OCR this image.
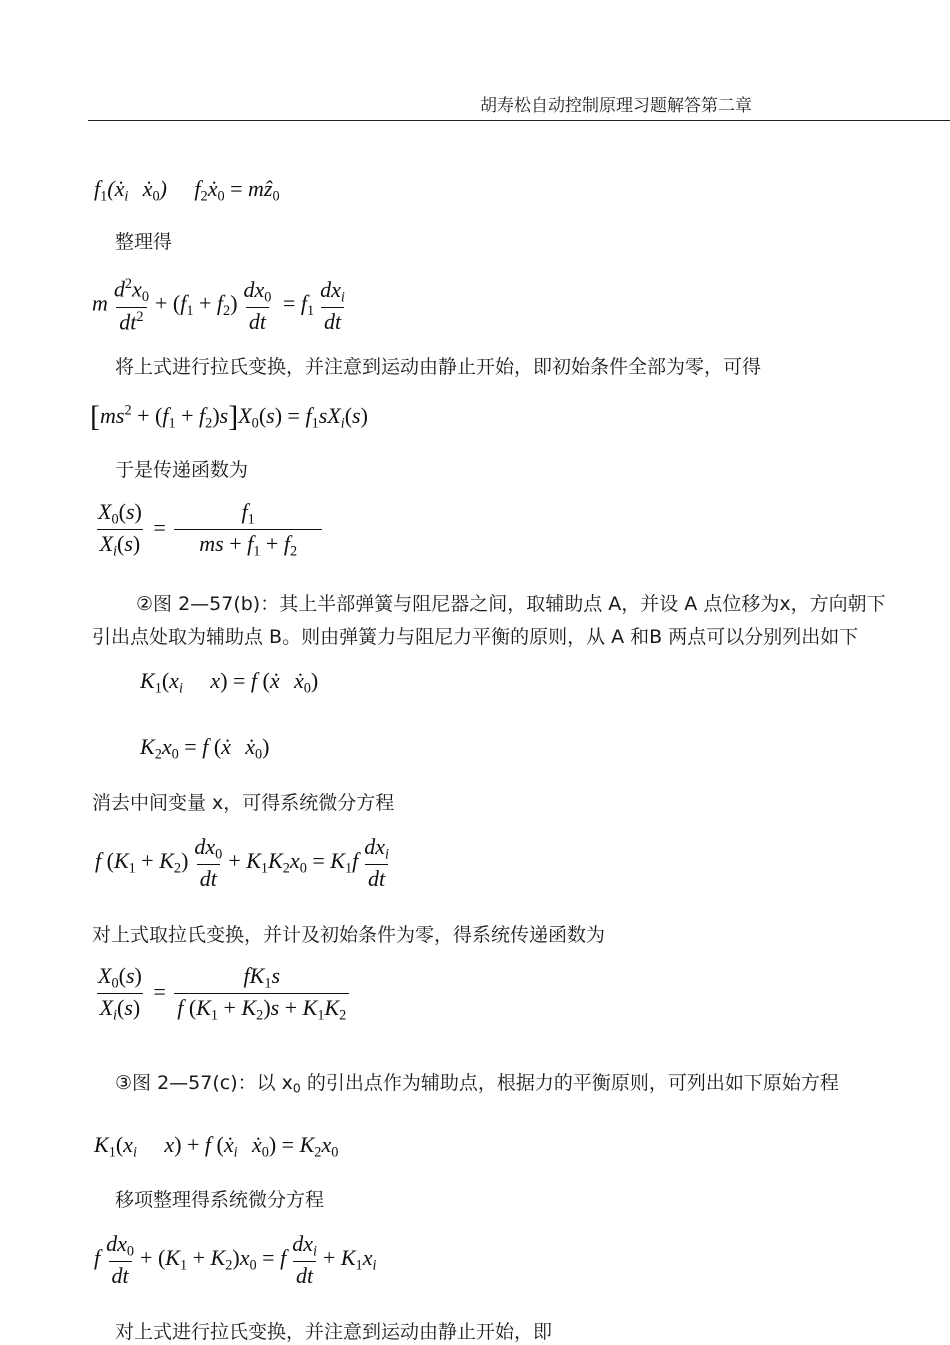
胡寿松自动控制原理习题解答第二章
$f_1(ẋ_i$   ẋ$_0$)  $f_2ẋ_0$ = mẑ$_0$
整理得
m $\frac{d^2x_0}{dt^2} + (f_1 + f_2) \frac{dx_0}{dt} = f_1 \frac{dx_i}{dt}$
将上式进行拉氏变换，并注意到运动由静止开始，即初始条件全部为零，可得
$[ms^2 + (f_1 + f_2)s]X_0(s) = f_1sX_i(s)$
于是传递函数为
$\frac{X_0(s)}{X_i(s)} = \frac{f_1}{ms + f_1 + f_2}$ 
②图 2—57(b)：其上半部弹簧与阻尼器之间，取辅助点 A，并设 A 点位移为x，方向朝下
引出点处取为辅助点 B。则由弹簧力与阻尼力平衡的原则，从 A 和B 两点可以分别列出如下
$K_1(x_i$  x) = f (ẋ   ẋ$_0$)
$K_2x_0 = f$ (ẋ   ẋ$_0$)
消去中间变量 x，可得系统微分方程
f $(K_1 + K_2) \frac{dx_0}{dt} + K_1K_2x_0 = K_1f \frac{dx_i}{dt}$
对上式取拉氏变换，并计及初始条件为零，得系统传递函数为
$\frac{X_0(s)}{X_i(s)} = \frac{fK_1s}{f (K_1 + K_2)s + K_1K_2}$
③图 2—57(c)：以 $x_0$ 的引出点作为辅助点，根据力的平衡原则，可列出如下原始方程
$K_1(x_i$  x) + f (ẋ$_i$   ẋ$_0$) = $K_2x_0$
移项整理得系统微分方程
f $\frac{dx_0}{dt} + (K_1 + K_2)x_0 = f \frac{dx_i}{dt} + K_1x_i$
对上式进行拉氏变换，并注意到运动由静止开始，即
